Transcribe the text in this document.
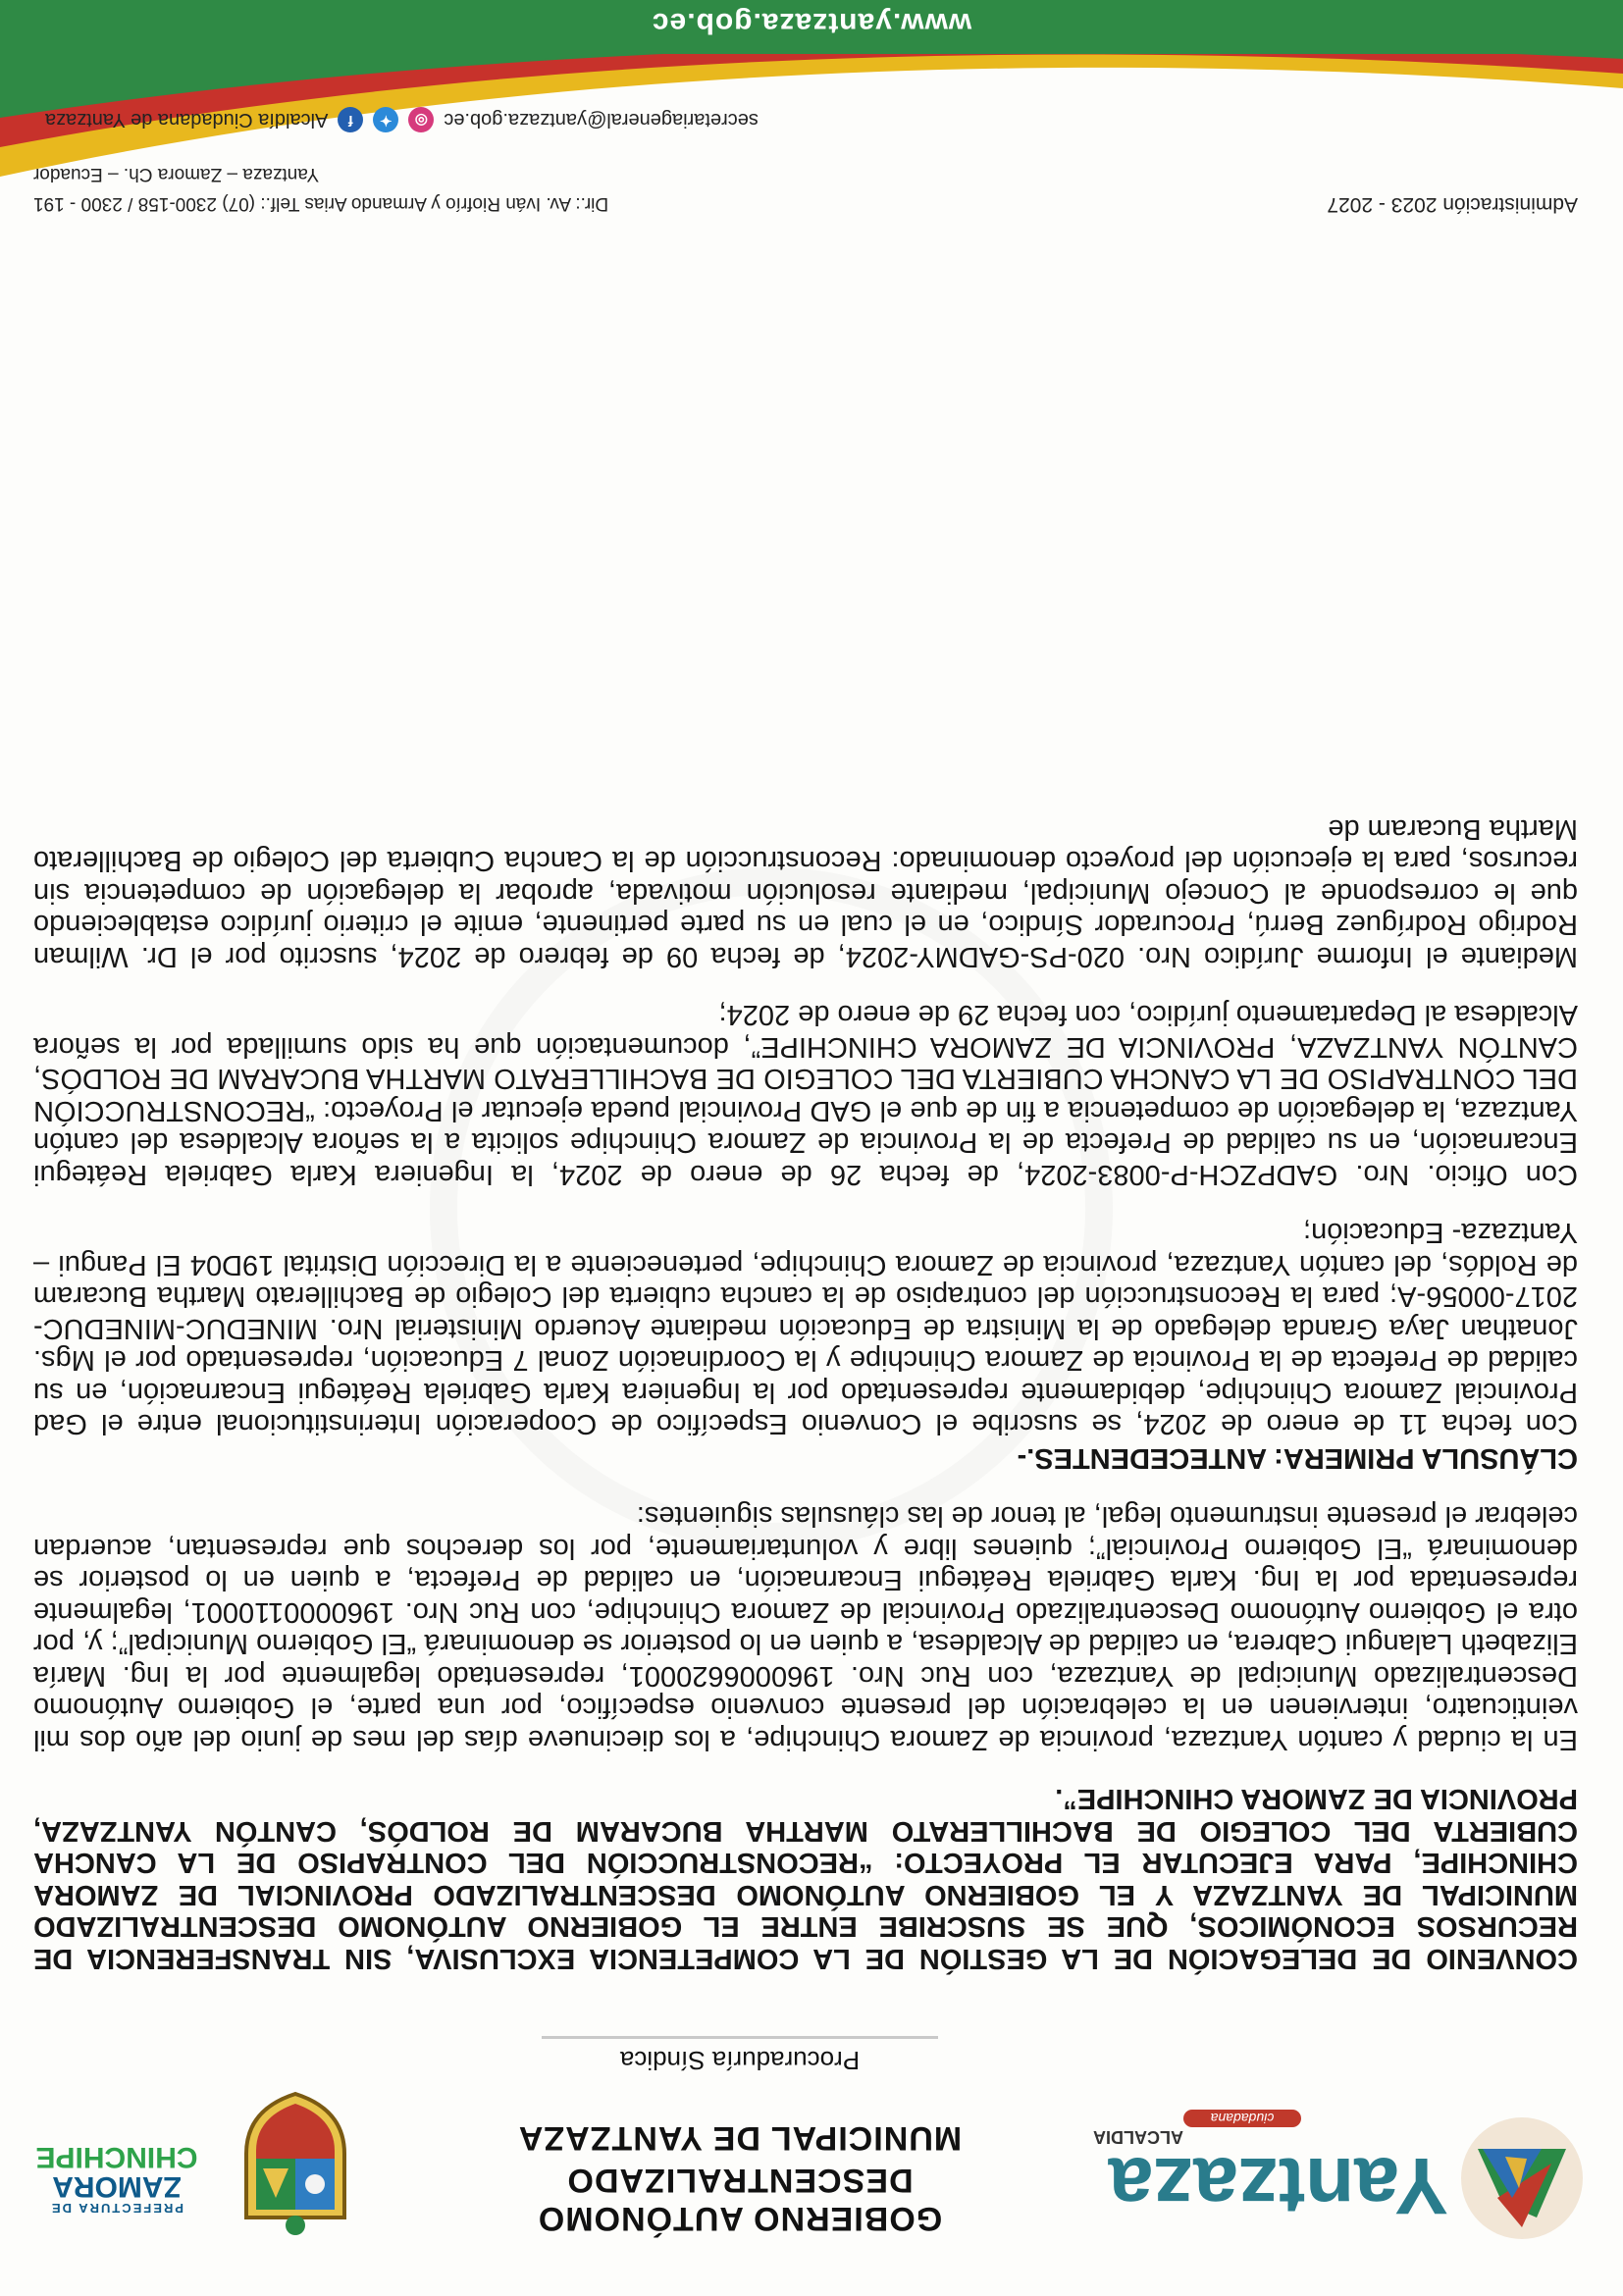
Yantzaza
ALCALDIA
ciudadana
GOBIERNO AUTÓNOMO DESCENTRALIZADO
MUNICIPAL DE YANTZAZA
Procuraduría Síndica
PREFECTURA DE
ZAMORA
CHINCHIPE

CONVENIO DE DELEGACIÓN DE LA GESTIÓN DE LA COMPETENCIA EXCLUSIVA, SIN TRANSFERENCIA DE RECURSOS ECONÓMICOS, QUE SE SUSCRIBE ENTRE EL GOBIERNO AUTÓNOMO DESCENTRALIZADO MUNICIPAL DE YANTZAZA Y EL GOBIERNO AUTÓNOMO DESCENTRALIZADO PROVINCIAL DE ZAMORA CHINCHIPE, PARA EJECUTAR EL PROYECTO: “RECONSTRUCCIÓN DEL CONTRAPISO DE LA CANCHA CUBIERTA DEL COLEGIO DE BACHILLERATO MARTHA BUCARAM DE ROLDÓS, CANTÓN YANTZAZA, PROVINCIA DE ZAMORA CHINCHIPE”.

En la ciudad y cantón Yantzaza, provincia de Zamora Chinchipe, a los diecinueve días del mes de junio del año dos mil veinticuatro, intervienen en la celebración del presente convenio específico, por una parte, el Gobierno Autónomo Descentralizado Municipal de Yantzaza, con Ruc Nro. 1960006620001, representado legalmente por la Ing. María Elizabeth Lalangui Cabrera, en calidad de Alcaldesa, a quien en lo posterior se denominará “El Gobierno Municipal”; y, por otra el Gobierno Autónomo Descentralizado Provincial de Zamora Chinchipe, con Ruc Nro. 1960000110001, legalmente representada por la Ing. Karla Gabriela Reátegui Encarnación, en calidad de Prefecta, a quien en lo posterior se denominará “El Gobierno Provincial”; quienes libre y voluntariamente, por los derechos que representan, acuerdan celebrar el presente instrumento legal, al tenor de las cláusulas siguientes:

CLÁUSULA PRIMERA: ANTECEDENTES.-

Con fecha 11 de enero de 2024, se suscribe el Convenio Específico de Cooperación Interinstitucional entre el Gad Provincial Zamora Chinchipe, debidamente representado por la Ingeniera Karla Gabriela Reátegui Encarnación, en su calidad de Prefecta de la Provincia de Zamora Chinchipe y la Coordinación Zonal 7 Educación, representado por el Mgs. Jonathan Jaya Granda delegado de la Ministra de Educación mediante Acuerdo Ministerial Nro. MINEDUC-MINEDUC-2017-00056-A; para la Reconstrucción del contrapiso de la cancha cubierta del Colegio de Bachillerato Martha Bucaram de Roldós, del cantón Yantzaza, provincia de Zamora Chinchipe, perteneciente a la Dirección Distrital 19D04 El Pangui – Yantzaza- Educación;

Con Oficio. Nro. GADPZCH-P-0083-2024, de fecha 26 de enero de 2024, la Ingeniera Karla Gabriela Reátegui Encarnación, en su calidad de Prefecta de la Provincia de Zamora Chinchipe solicita a la señora Alcaldesa del cantón Yantzaza, la delegación de competencia a fin de que el GAD Provincial pueda ejecutar el Proyecto: “RECONSTRUCCIÓN DEL CONTRAPISO DE LA CANCHA CUBIERTA DEL COLEGIO DE BACHILLERATO MARTHA BUCARAM DE ROLDÓS, CANTÓN YANTZAZA, PROVINCIA DE ZAMORA CHINCHIPE”, documentación que ha sido sumillada por la señora Alcaldesa al Departamento jurídico, con fecha 29 de enero de 2024;

Mediante el Informe Jurídico Nro. 020-PS-GADMY-2024, de fecha 09 de febrero de 2024, suscrito por el Dr. Wilman Rodrigo Rodríguez Berrú, Procurador Síndico, en el cual en su parte pertinente, emite el criterio jurídico estableciendo que le corresponde al Concejo Municipal, mediante resolución motivada, aprobar la delegación de competencia sin recursos, para la ejecución del proyecto denominado: Reconstrucción de la Cancha Cubierta del Colegio de Bachillerato Martha Bucaram de

Administración 2023 - 2027
Dir.: Av. Iván Riofrío y Armando Arias Telf.: (07) 2300-158 / 2300 - 191
Yantzaza – Zamora Ch. – Ecuador
secretariageneral@yantzaza.gob.ec
◎
✦
f
Alcaldía Ciudadana de Yantzaza
www.yantzaza.gob.ec
